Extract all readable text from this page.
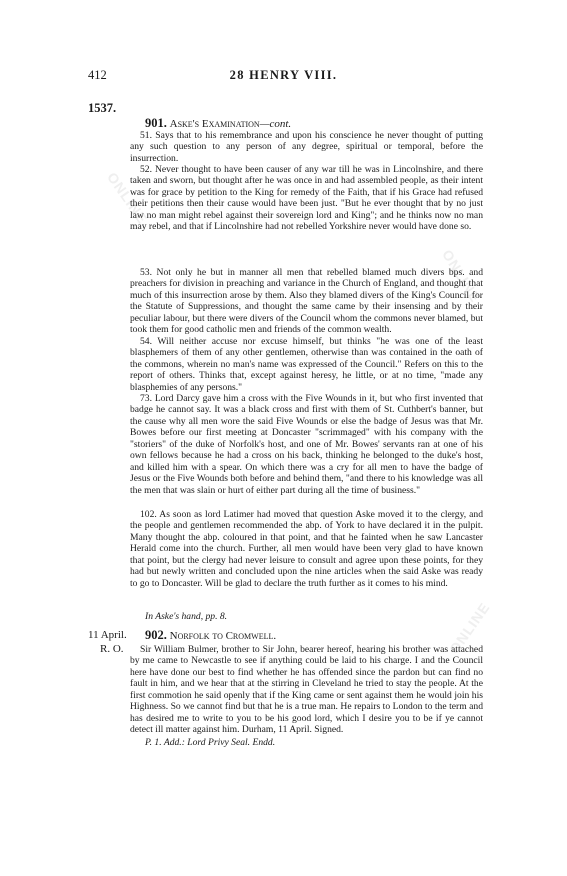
ONLINE
ONLINE
ONLINE
412	28 HENRY VIII.
1537.
901. Aske's Examination—cont.

51. Says that to his remembrance and upon his conscience he never thought of putting any such question to any person of any degree, spiritual or temporal, before the insurrection.

52. Never thought to have been causer of any war till he was in Lincolnshire, and there taken and sworn, but thought after he was once in and had assembled people, as their intent was for grace by petition to the King for remedy of the Faith, that if his Grace had refused their petitions then their cause would have been just. "But he ever thought that by no just law no man might rebel against their sovereign lord and King"; and he thinks now no man may rebel, and that if Lincolnshire had not rebelled Yorkshire never would have done so.

53. Not only he but in manner all men that rebelled blamed much divers bps. and preachers for division in preaching and variance in the Church of England, and thought that much of this insurrection arose by them. Also they blamed divers of the King's Council for the Statute of Suppressions, and thought the same came by their insensing and by their peculiar labour, but there were divers of the Council whom the commons never blamed, but took them for good catholic men and friends of the common wealth.

54. Will neither accuse nor excuse himself, but thinks "he was one of the least blasphemers of them of any other gentlemen, otherwise than was contained in the oath of the commons, wherein no man's name was expressed of the Council." Refers on this to the report of others. Thinks that, except against heresy, he little, or at no time, "made any blasphemies of any persons."

73. Lord Darcy gave him a cross with the Five Wounds in it, but who first invented that badge he cannot say. It was a black cross and first with them of St. Cuthbert's banner, but the cause why all men wore the said Five Wounds or else the badge of Jesus was that Mr. Bowes before our first meeting at Doncaster "scrimmaged" with his company with the "storiers" of the duke of Norfolk's host, and one of Mr. Bowes' servants ran at one of his own fellows because he had a cross on his back, thinking he belonged to the duke's host, and killed him with a spear. On which there was a cry for all men to have the badge of Jesus or the Five Wounds both before and behind them, "and there to his knowledge was all the men that was slain or hurt of either part during all the time of business."

102. As soon as lord Latimer had moved that question Aske moved it to the clergy, and the people and gentlemen recommended the abp. of York to have declared it in the pulpit. Many thought the abp. coloured in that point, and that he fainted when he saw Lancaster Herald come into the church. Further, all men would have been very glad to have known that point, but the clergy had never leisure to consult and agree upon these points, for they had but newly written and concluded upon the nine articles when the said Aske was ready to go to Doncaster. Will be glad to declare the truth further as it comes to his mind.

In Aske's hand, pp. 8.
11 April.
R. O.
902. Norfolk to Cromwell.

Sir William Bulmer, brother to Sir John, bearer hereof, hearing his brother was attached by me came to Newcastle to see if anything could be laid to his charge. I and the Council here have done our best to find whether he has offended since the pardon but can find no fault in him, and we hear that at the stirring in Cleveland he tried to stay the people. At the first commotion he said openly that if the King came or sent against them he would join his Highness. So we cannot find but that he is a true man. He repairs to London to the term and has desired me to write to you to be his good lord, which I desire you to be if ye cannot detect ill matter against him. Durham, 11 April. Signed.

P. 1. Add.: Lord Privy Seal. Endd.
